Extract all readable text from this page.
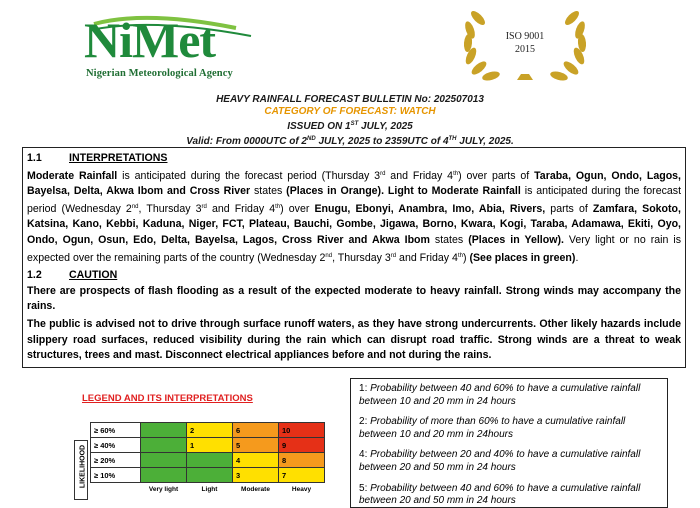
NiMet
Nigerian Meteorological Agency
ISO 9001
2015
HEAVY RAINFALL FORECAST BULLETIN No: 202507013
CATEGORY OF FORECAST: WATCH
ISSUED ON 1ST JULY, 2025
Valid: From 0000UTC of 2ND JULY, 2025 to 2359UTC of 4TH JULY, 2025.
1.1	INTERPRETATIONS
Moderate Rainfall is anticipated during the forecast period (Thursday 3rd and Friday 4th) over parts of Taraba, Ogun, Ondo, Lagos, Bayelsa, Delta, Akwa Ibom and Cross River states (Places in Orange). Light to Moderate Rainfall is anticipated during the forecast period (Wednesday 2nd, Thursday 3rd and Friday 4th) over Enugu, Ebonyi, Anambra, Imo, Abia, Rivers, parts of Zamfara, Sokoto, Katsina, Kano, Kebbi, Kaduna, Niger, FCT, Plateau, Bauchi, Gombe, Jigawa, Borno, Kwara, Kogi, Taraba, Adamawa, Ekiti, Oyo, Ondo, Ogun, Osun, Edo, Delta, Bayelsa, Lagos, Cross River and Akwa Ibom states (Places in Yellow). Very light or no rain is expected over the remaining parts of the country (Wednesday 2nd, Thursday 3rd and Friday 4th) (See places in green).
1.2	CAUTION
There are prospects of flash flooding as a result of the expected moderate to heavy rainfall. Strong winds may accompany the rains.
The public is advised not to drive through surface runoff waters, as they have strong undercurrents. Other likely hazards include slippery road surfaces, reduced visibility during the rain which can disrupt road traffic. Strong winds are a threat to weak structures, trees and mast. Disconnect electrical appliances before and not during the rains.
LEGEND AND ITS INTERPRETATIONS
LIKELIHOOD
≥ 60%		2	6	10
≥ 40%		1	5	9
≥ 20%			4	8
≥ 10%			3	7
	Very light	Light	Moderate	Heavy
1: Probability between 40 and 60% to have a cumulative rainfall between 10 and 20 mm in 24 hours
2: Probability of more than 60% to have a cumulative rainfall between 10 and 20 mm in 24hours
4: Probability between 20 and 40% to have a cumulative rainfall between 20 and 50 mm in 24 hours
5: Probability between 40 and 60% to have a cumulative rainfall between 20 and 50 mm in 24 hours
